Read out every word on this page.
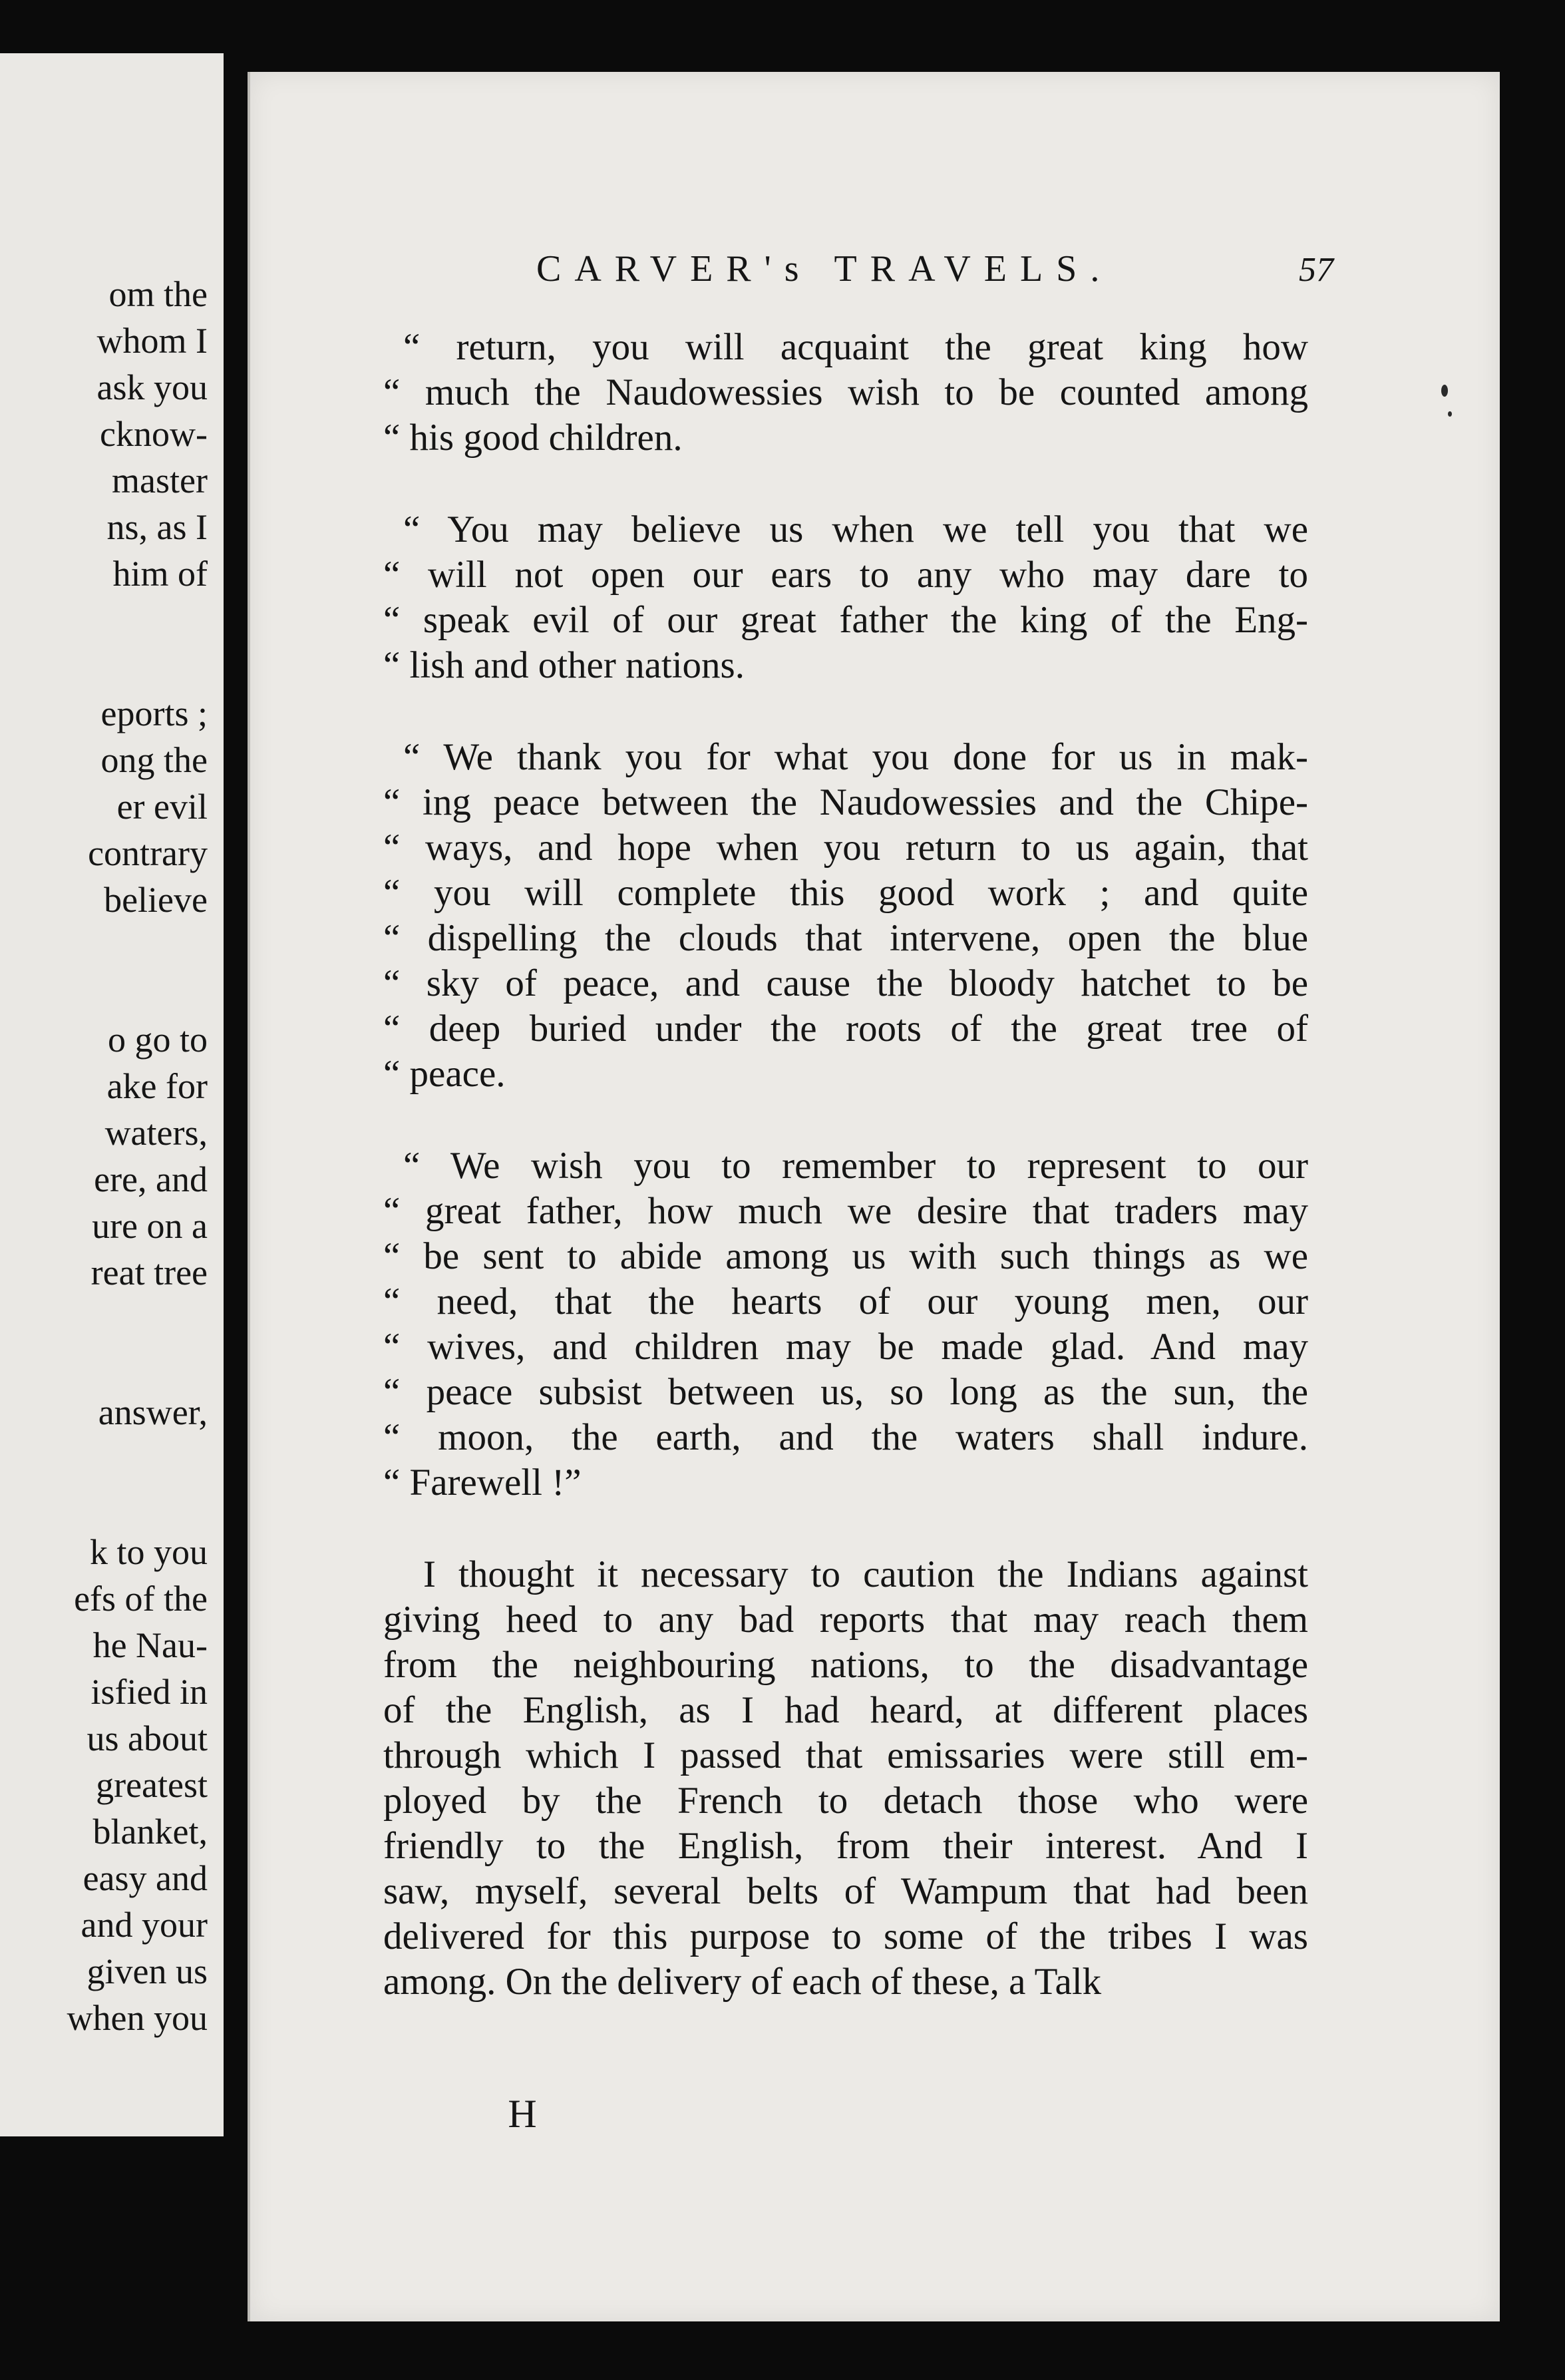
om the
whom I
ask you
cknow-
master
ns, as I
him of
eports ;
ong the
er evil
contrary
believe
o go to
ake for
waters,
ere, and
ure on a
reat tree
answer,
k to you
efs of the
he Nau-
isfied in
us about
greatest
blanket,
easy and
and your
given us
when you
CARVER's TRAVELS.	57
“ return, you will acquaint the great king how
“ much the Naudowessies wish to be counted among
“ his good children.
“ You may believe us when we tell you that we
“ will not open our ears to any who may dare to
“ speak evil of our great father the king of the Eng-
“ lish and other nations.
“ We thank you for what you done for us in mak-
“ ing peace between the Naudowessies and the Chipe-
“ ways, and hope when you return to us again, that
“ you will complete this good work ; and quite
“ dispelling the clouds that intervene, open the blue
“ sky of peace, and cause the bloody hatchet to be
“ deep buried under the roots of the great tree of
“ peace.
“ We wish you to remember to represent to our
“ great father, how much we desire that traders may
“ be sent to abide among us with such things as we
“ need, that the hearts of our young men, our
“ wives, and children may be made glad. And may
“ peace subsist between us, so long as the sun, the
“ moon, the earth, and the waters shall indure.
“ Farewell !”
I thought it necessary to caution the Indians against
giving heed to any bad reports that may reach them
from the neighbouring nations, to the disadvantage
of the English, as I had heard, at different places
through which I passed that emissaries were still em-
ployed by the French to detach those who were
friendly to the English, from their interest. And I
saw, myself, several belts of Wampum that had been
delivered for this purpose to some of the tribes I was
among. On the delivery of each of these, a Talk
H
